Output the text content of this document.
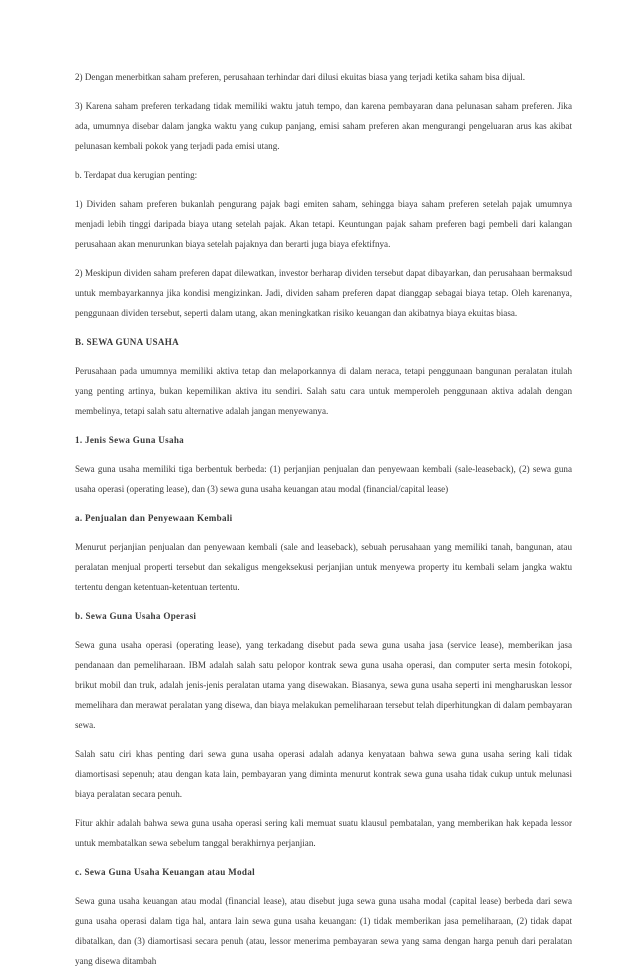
2) Dengan menerbitkan saham preferen, perusahaan terhindar dari dilusi ekuitas biasa yang terjadi ketika saham bisa dijual.

3) Karena saham preferen terkadang tidak memiliki waktu jatuh tempo, dan karena pembayaran dana pelunasan saham preferen. Jika ada, umumnya disebar dalam jangka waktu yang cukup panjang, emisi saham preferen akan mengurangi pengeluaran arus kas akibat pelunasan kembali pokok yang terjadi pada emisi utang.

b. Terdapat dua kerugian penting:

1) Dividen saham preferen bukanlah pengurang pajak bagi emiten saham, sehingga biaya saham preferen setelah pajak umumnya menjadi lebih tinggi daripada biaya utang setelah pajak. Akan tetapi. Keuntungan pajak saham preferen bagi pembeli dari kalangan perusahaan akan menurunkan biaya setelah pajaknya dan berarti juga biaya efektifnya.

2) Meskipun dividen saham preferen dapat dilewatkan, investor berharap dividen tersebut dapat dibayarkan, dan perusahaan bermaksud untuk membayarkannya jika kondisi mengizinkan. Jadi, dividen saham preferen dapat dianggap sebagai biaya tetap. Oleh karenanya, penggunaan dividen tersebut, seperti dalam utang, akan meningkatkan risiko keuangan dan akibatnya biaya ekuitas biasa.

B. SEWA GUNA USAHA

Perusahaan pada umumnya memiliki aktiva tetap dan melaporkannya di dalam neraca, tetapi penggunaan bangunan peralatan itulah yang penting artinya, bukan kepemilikan aktiva itu sendiri. Salah satu cara untuk memperoleh penggunaan aktiva adalah dengan membelinya, tetapi salah satu alternative adalah jangan menyewanya.

1. Jenis Sewa Guna Usaha

Sewa guna usaha memiliki tiga berbentuk berbeda: (1) perjanjian penjualan dan penyewaan kembali (sale-leaseback), (2) sewa guna usaha operasi (operating lease), dan (3) sewa guna usaha keuangan atau modal (financial/capital lease)

a. Penjualan dan Penyewaan Kembali

Menurut perjanjian penjualan dan penyewaan kembali (sale and leaseback), sebuah perusahaan yang memiliki tanah, bangunan, atau peralatan menjual properti tersebut dan sekaligus mengeksekusi perjanjian untuk menyewa property itu kembali selam jangka waktu tertentu dengan ketentuan-ketentuan tertentu.

b. Sewa Guna Usaha Operasi

Sewa guna usaha operasi (operating lease), yang terkadang disebut pada sewa guna usaha jasa (service lease), memberikan jasa pendanaan dan pemeliharaan. IBM adalah salah satu pelopor kontrak sewa guna usaha operasi, dan computer serta mesin fotokopi, brikut mobil dan truk, adalah jenis-jenis peralatan utama yang disewakan. Biasanya, sewa guna usaha seperti ini mengharuskan lessor memelihara dan merawat peralatan yang disewa, dan biaya melakukan pemeliharaan tersebut telah diperhitungkan di dalam pembayaran sewa.

Salah satu ciri khas penting dari sewa guna usaha operasi adalah adanya kenyataan bahwa sewa guna usaha sering kali tidak diamortisasi sepenuh; atau dengan kata lain, pembayaran yang diminta menurut kontrak sewa guna usaha tidak cukup untuk melunasi biaya peralatan secara penuh.

Fitur akhir adalah bahwa sewa guna usaha operasi sering kali memuat suatu klausul pembatalan, yang memberikan hak kepada lessor untuk membatalkan sewa sebelum tanggal berakhirnya perjanjian.

c. Sewa Guna Usaha Keuangan atau Modal

Sewa guna usaha keuangan atau modal (financial lease), atau disebut juga sewa guna usaha modal (capital lease) berbeda dari sewa guna usaha operasi dalam tiga hal, antara lain sewa guna usaha keuangan: (1) tidak memberikan jasa pemeliharaan, (2) tidak dapat dibatalkan, dan (3) diamortisasi secara penuh (atau, lessor menerima pembayaran sewa yang sama dengan harga penuh dari peralatan yang disewa ditambah
